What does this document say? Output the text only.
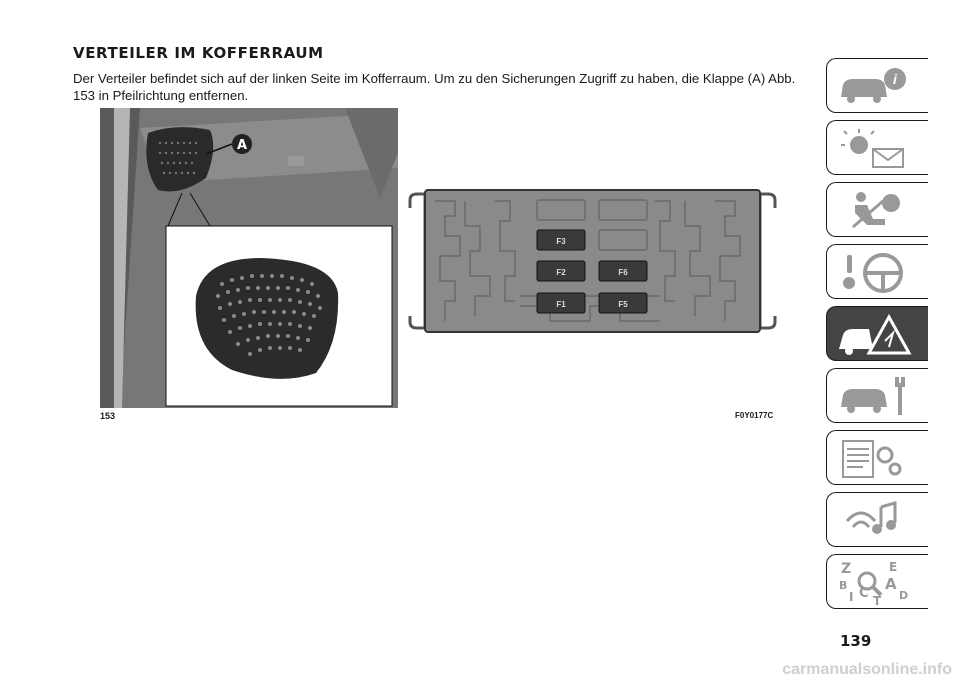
VERTEILER IM KOFFERRAUM

Der Verteiler befindet sich auf der linken Seite im Kofferraum. Um zu den Sicherungen Zugriff zu haben, die Klappe (A) Abb. 153 in Pfeilrichtung entfernen.

A
F3
F2	F6
F1	F5
153	F0Y0177C
i
Z	E
B	A
I C T D
139
carmanualsonline.info
